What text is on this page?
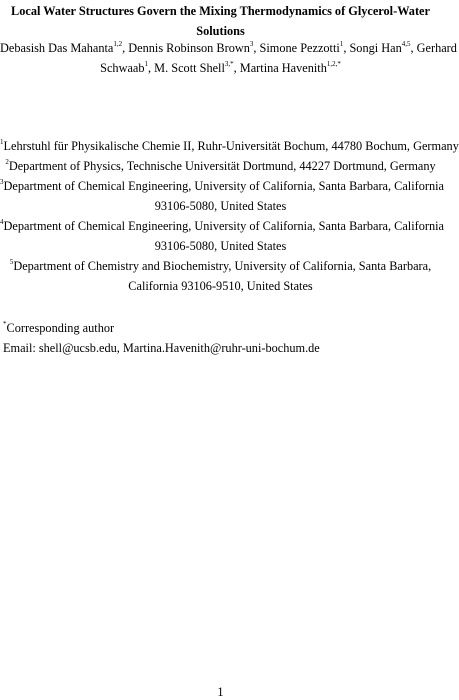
Local Water Structures Govern the Mixing Thermodynamics of Glycerol-Water
Solutions
Debasish Das Mahanta$^{1,2}$, Dennis Robinson Brown$^3$, Simone Pezzotti$^1$, Songi Han$^{4,5}$, Gerhard
Schwaab$^1$, M. Scott Shell$^{3,*}$, Martina Havenith$^{1,2,*}$

$^1$Lehrstuhl für Physikalische Chemie II, Ruhr-Universität Bochum, 44780 Bochum, Germany

$^2$Department of Physics, Technische Universität Dortmund, 44227 Dortmund, Germany

$^3$Department of Chemical Engineering, University of California, Santa Barbara, California
93106-5080, United States

$^4$Department of Chemical Engineering, University of California, Santa Barbara, California
93106-5080, United States

$^5$Department of Chemistry and Biochemistry, University of California, Santa Barbara,
California 93106-9510, United States

*Corresponding author

Email: shell@ucsb.edu, Martina.Havenith@ruhr-uni-bochum.de

1
